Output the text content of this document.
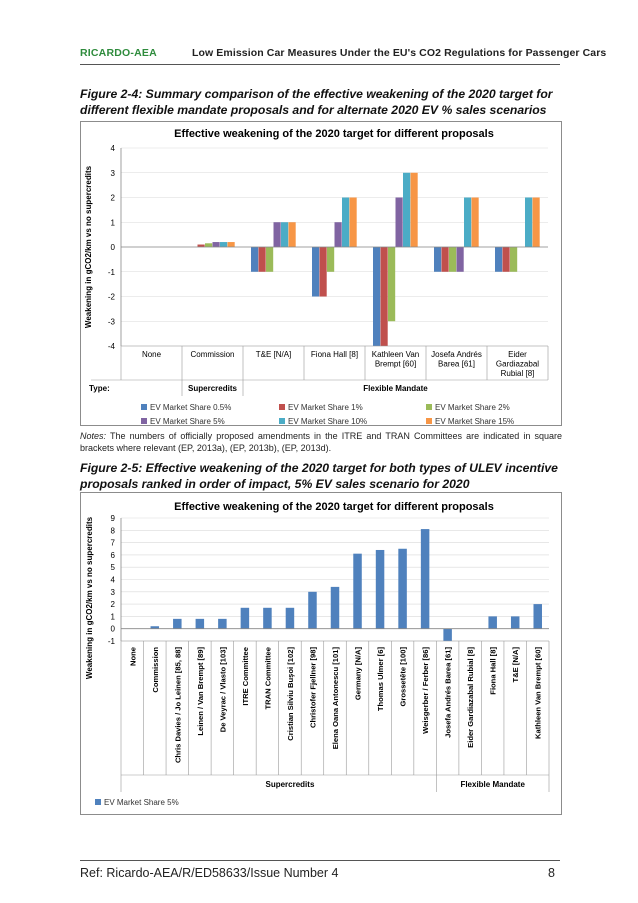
RICARDO-AEA	Low Emission Car Measures Under the EU's CO2 Regulations for Passenger Cars
Figure 2-4: Summary comparison of the effective weakening of the 2020 target for different flexible mandate proposals and for alternate 2020 EV % sales scenarios
Effective weakening of the 2020 target for different proposals
Weakening in gCO2/km vs no supercredits
4
3
2
1
0
-1
-2
-3
-4
None	Commission	T&E [N/A] Fiona Hall [8] Kathleen Van
Brempt [60]
Josefa Andrés
Barea [61]
Eider
Gardiazabal
Rubial [8]
Type:	Supercredits	Flexible Mandate
EV Market Share 0.5%	EV Market Share 1%	EV Market Share 2%
EV Market Share 5%	EV Market Share 10%	EV Market Share 15%
Notes: The numbers of officially proposed amendments in the ITRE and TRAN Committees are indicated in square brackets where relevant (EP, 2013a), (EP, 2013b), (EP, 2013d).
Figure 2-5: Effective weakening of the 2020 target for both types of ULEV incentive proposals ranked in order of impact, 5% EV sales scenario for 2020
Effective weakening of the 2020 target for different proposals
Weakening in gCO2/km vs no supercredits 9
8
7
6
5
4
3
2
1
0
-1
None Commission Chris Davies / Jo Leinen [85, 88] Leinen / Van Brempt [89] De Veyrac / Vlasto [103] ITRE Committee TRAN Committee Cristian Silviu Buşoi [102] Christofer Fjellner [98] Elena Oana Antonescu [101] Germany [N/A] Thomas Ulmer [6] Grossetête [100] Weisgerber / Ferber [86] Josefa Andrés Barea [61] Eider Gardiazabal Rubial [8] Fiona Hall [8] T&E [N/A] Kathleen Van Brempt [60]
Supercredits	Flexible Mandate
EV Market Share 5%
Ref: Ricardo-AEA/R/ED58633/Issue Number 4	8
